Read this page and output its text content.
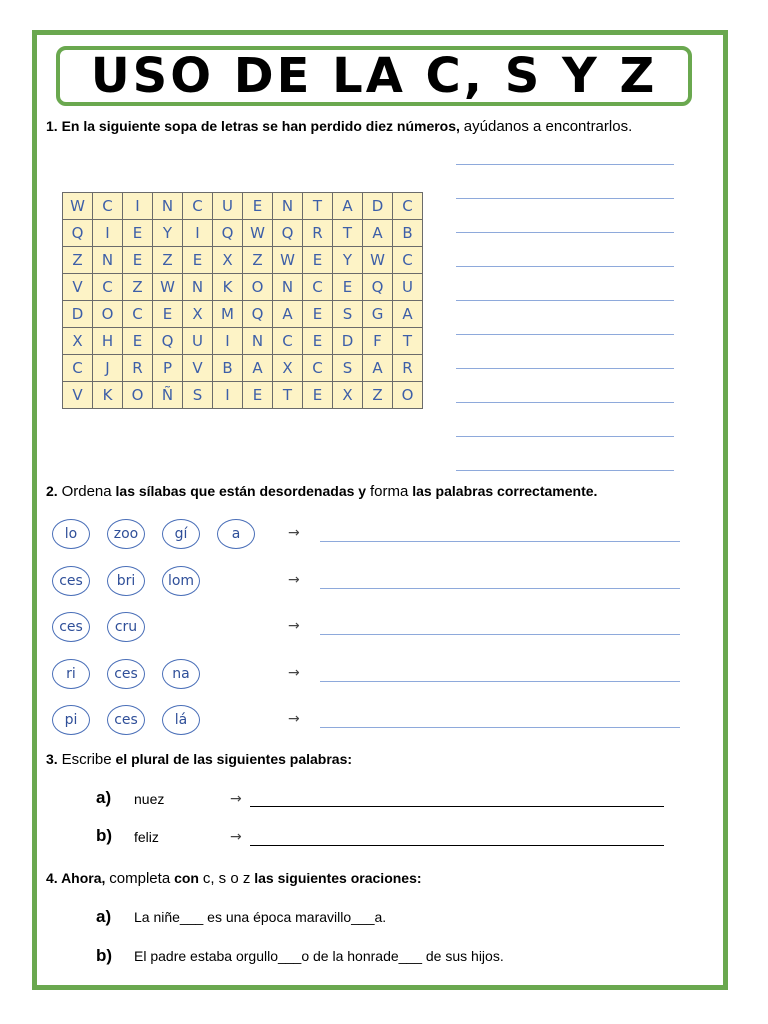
USO DE LA C, S Y Z
1. En la siguiente sopa de letras se han perdido diez números, ayúdanos a encontrarlos.
W	C	I	N	C	U	E	N	T	A	D	C
Q	I	E	Y	I	Q	W	Q	R	T	A	B
Z	N	E	Z	E	X	Z	W	E	Y	W	C
V	C	Z	W	N	K	O	N	C	E	Q	U
D	O	C	E	X	M	Q	A	E	S	G	A
X	H	E	Q	U	I	N	C	E	D	F	T
C	J	R	P	V	B	A	X	C	S	A	R
V	K	O	Ñ	S	I	E	T	E	X	Z	O
2. Ordena las sílabas que están desordenadas y forma las palabras correctamente.
lo	zoo	gí	a	→
ces	bri	lom	→
ces	cru	→
ri	ces	na	→
pi	ces	lá	→
3. Escribe el plural de las siguientes palabras:
a) nuez	→
b) feliz	→
4. Ahora, completa con c, s o z las siguientes oraciones:
a) La niñe___ es una época maravillo___a.
b) El padre estaba orgullo___o de la honrade___ de sus hijos.
